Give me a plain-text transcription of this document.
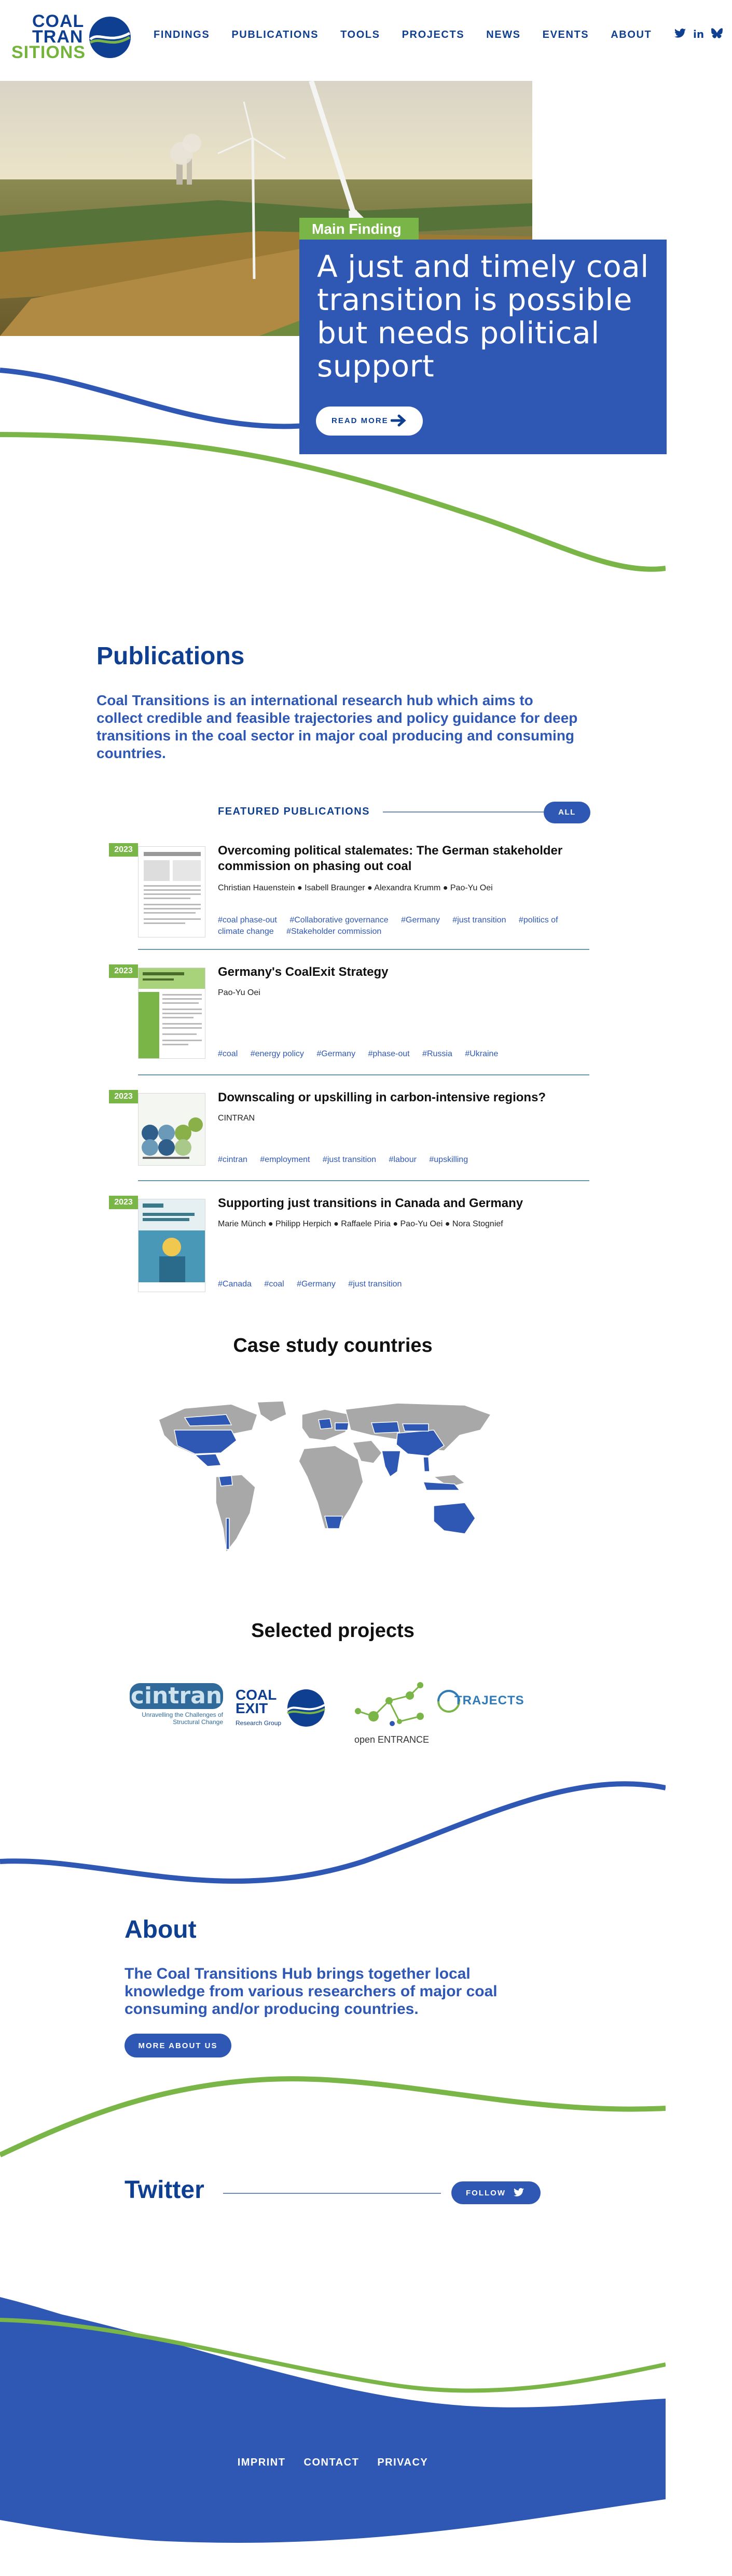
COAL
TRAN
SITIONS
FINDINGS PUBLICATIONS TOOLS PROJECTS NEWS EVENTS ABOUT	in
Main Finding
A just and timely coal transition is possible but needs political support
READ MORE
Publications
Coal Transitions is an international research hub which aims to collect credible and feasible trajectories and policy guidance for deep transitions in the coal sector in major coal producing and consuming countries.
FEATURED PUBLICATIONS	ALL
2023	Overcoming political stalemates: The German stakeholder commission on phasing out coal
Christian Hauenstein ● Isabell Braunger ● Alexandra Krumm ● Pao-Yu Oei
#coal phase-out #Collaborative governance #Germany #just transition #politics of climate change #Stakeholder commission
2023	Germany's CoalExit Strategy
Pao-Yu Oei
#coal #energy policy #Germany #phase-out #Russia #Ukraine
2023	Downscaling or upskilling in carbon-intensive regions?
CINTRAN
#cintran #employment #just transition #labour #upskilling
2023	Supporting just transitions in Canada and Germany
Marie Münch ● Philipp Herpich ● Raffaele Piria ● Pao-Yu Oei ● Nora Stognief
#Canada #coal #Germany #just transition
Case study countries
Selected projects
cintran
Unravelling the Challenges of Structural Change
COAL EXIT
Research Group
open ENTRANCE
TRAJECTS
About
The Coal Transitions Hub brings together local knowledge from various researchers of major coal consuming and/or producing countries.
MORE ABOUT US
Twitter	FOLLOW
IMPRINT CONTACT PRIVACY
